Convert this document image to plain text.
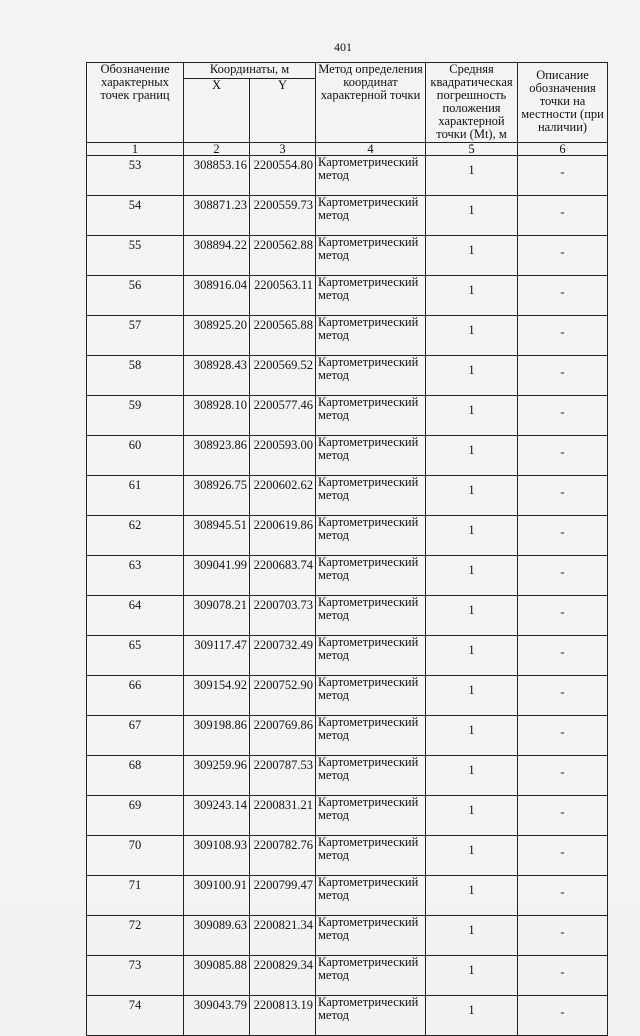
401
Обозначение характерных точек границ	Координаты, м		Метод определения координат характерной точки	Средняя квадратическая погрешность положения характерной точки (Mt), м	Описание обозначения точки на местности (при наличии)
	X	Y			
1	2	3	4	5	6
53	308853.16	2200554.80	Картометрический метод	1	-
54	308871.23	2200559.73	Картометрический метод	1	-
55	308894.22	2200562.88	Картометрический метод	1	-
56	308916.04	2200563.11	Картометрический метод	1	-
57	308925.20	2200565.88	Картометрический метод	1	-
58	308928.43	2200569.52	Картометрический метод	1	-
59	308928.10	2200577.46	Картометрический метод	1	-
60	308923.86	2200593.00	Картометрический метод	1	-
61	308926.75	2200602.62	Картометрический метод	1	-
62	308945.51	2200619.86	Картометрический метод	1	-
63	309041.99	2200683.74	Картометрический метод	1	-
64	309078.21	2200703.73	Картометрический метод	1	-
65	309117.47	2200732.49	Картометрический метод	1	-
66	309154.92	2200752.90	Картометрический метод	1	-
67	309198.86	2200769.86	Картометрический метод	1	-
68	309259.96	2200787.53	Картометрический метод	1	-
69	309243.14	2200831.21	Картометрический метод	1	-
70	309108.93	2200782.76	Картометрический метод	1	-
71	309100.91	2200799.47	Картометрический метод	1	-
72	309089.63	2200821.34	Картометрический метод	1	-
73	309085.88	2200829.34	Картометрический метод	1	-
74	309043.79	2200813.19	Картометрический метод	1	-
